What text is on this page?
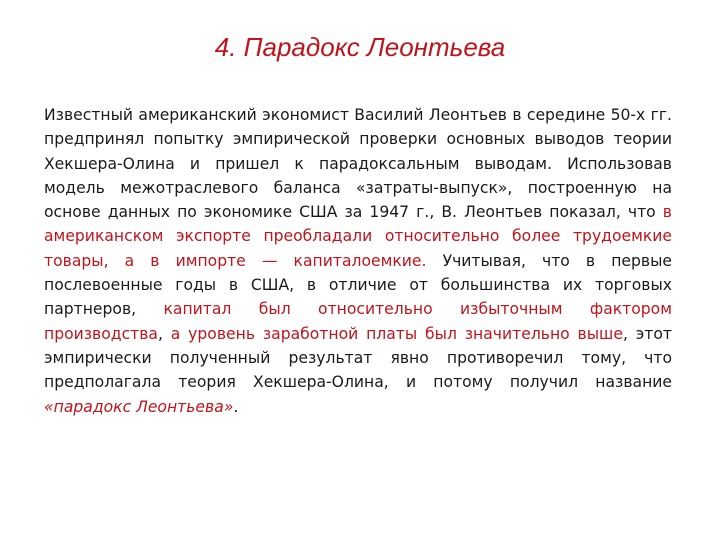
4. Парадокс Леонтьева

Известный американский экономист Василий Леонтьев в середине 50-х гг. предпринял попытку эмпирической проверки основных выводов теории Хекшера-Олина и пришел к парадоксальным выводам. Использовав модель межотраслевого баланса «затраты-выпуск», построенную на основе данных по экономике США за 1947 г., В. Леонтьев показал, что в американском экспорте преобладали относительно более трудоемкие товары, а в импорте — капиталоемкие. Учитывая, что в первые послевоенные годы в США, в отличие от большинства их торговых партнеров, капитал был относительно избыточным фактором производства, а уровень заработной платы был значительно выше, этот эмпирически полученный результат явно противоречил тому, что предполагала теория Хекшера-Олина, и потому получил название «парадокс Леонтьева».
